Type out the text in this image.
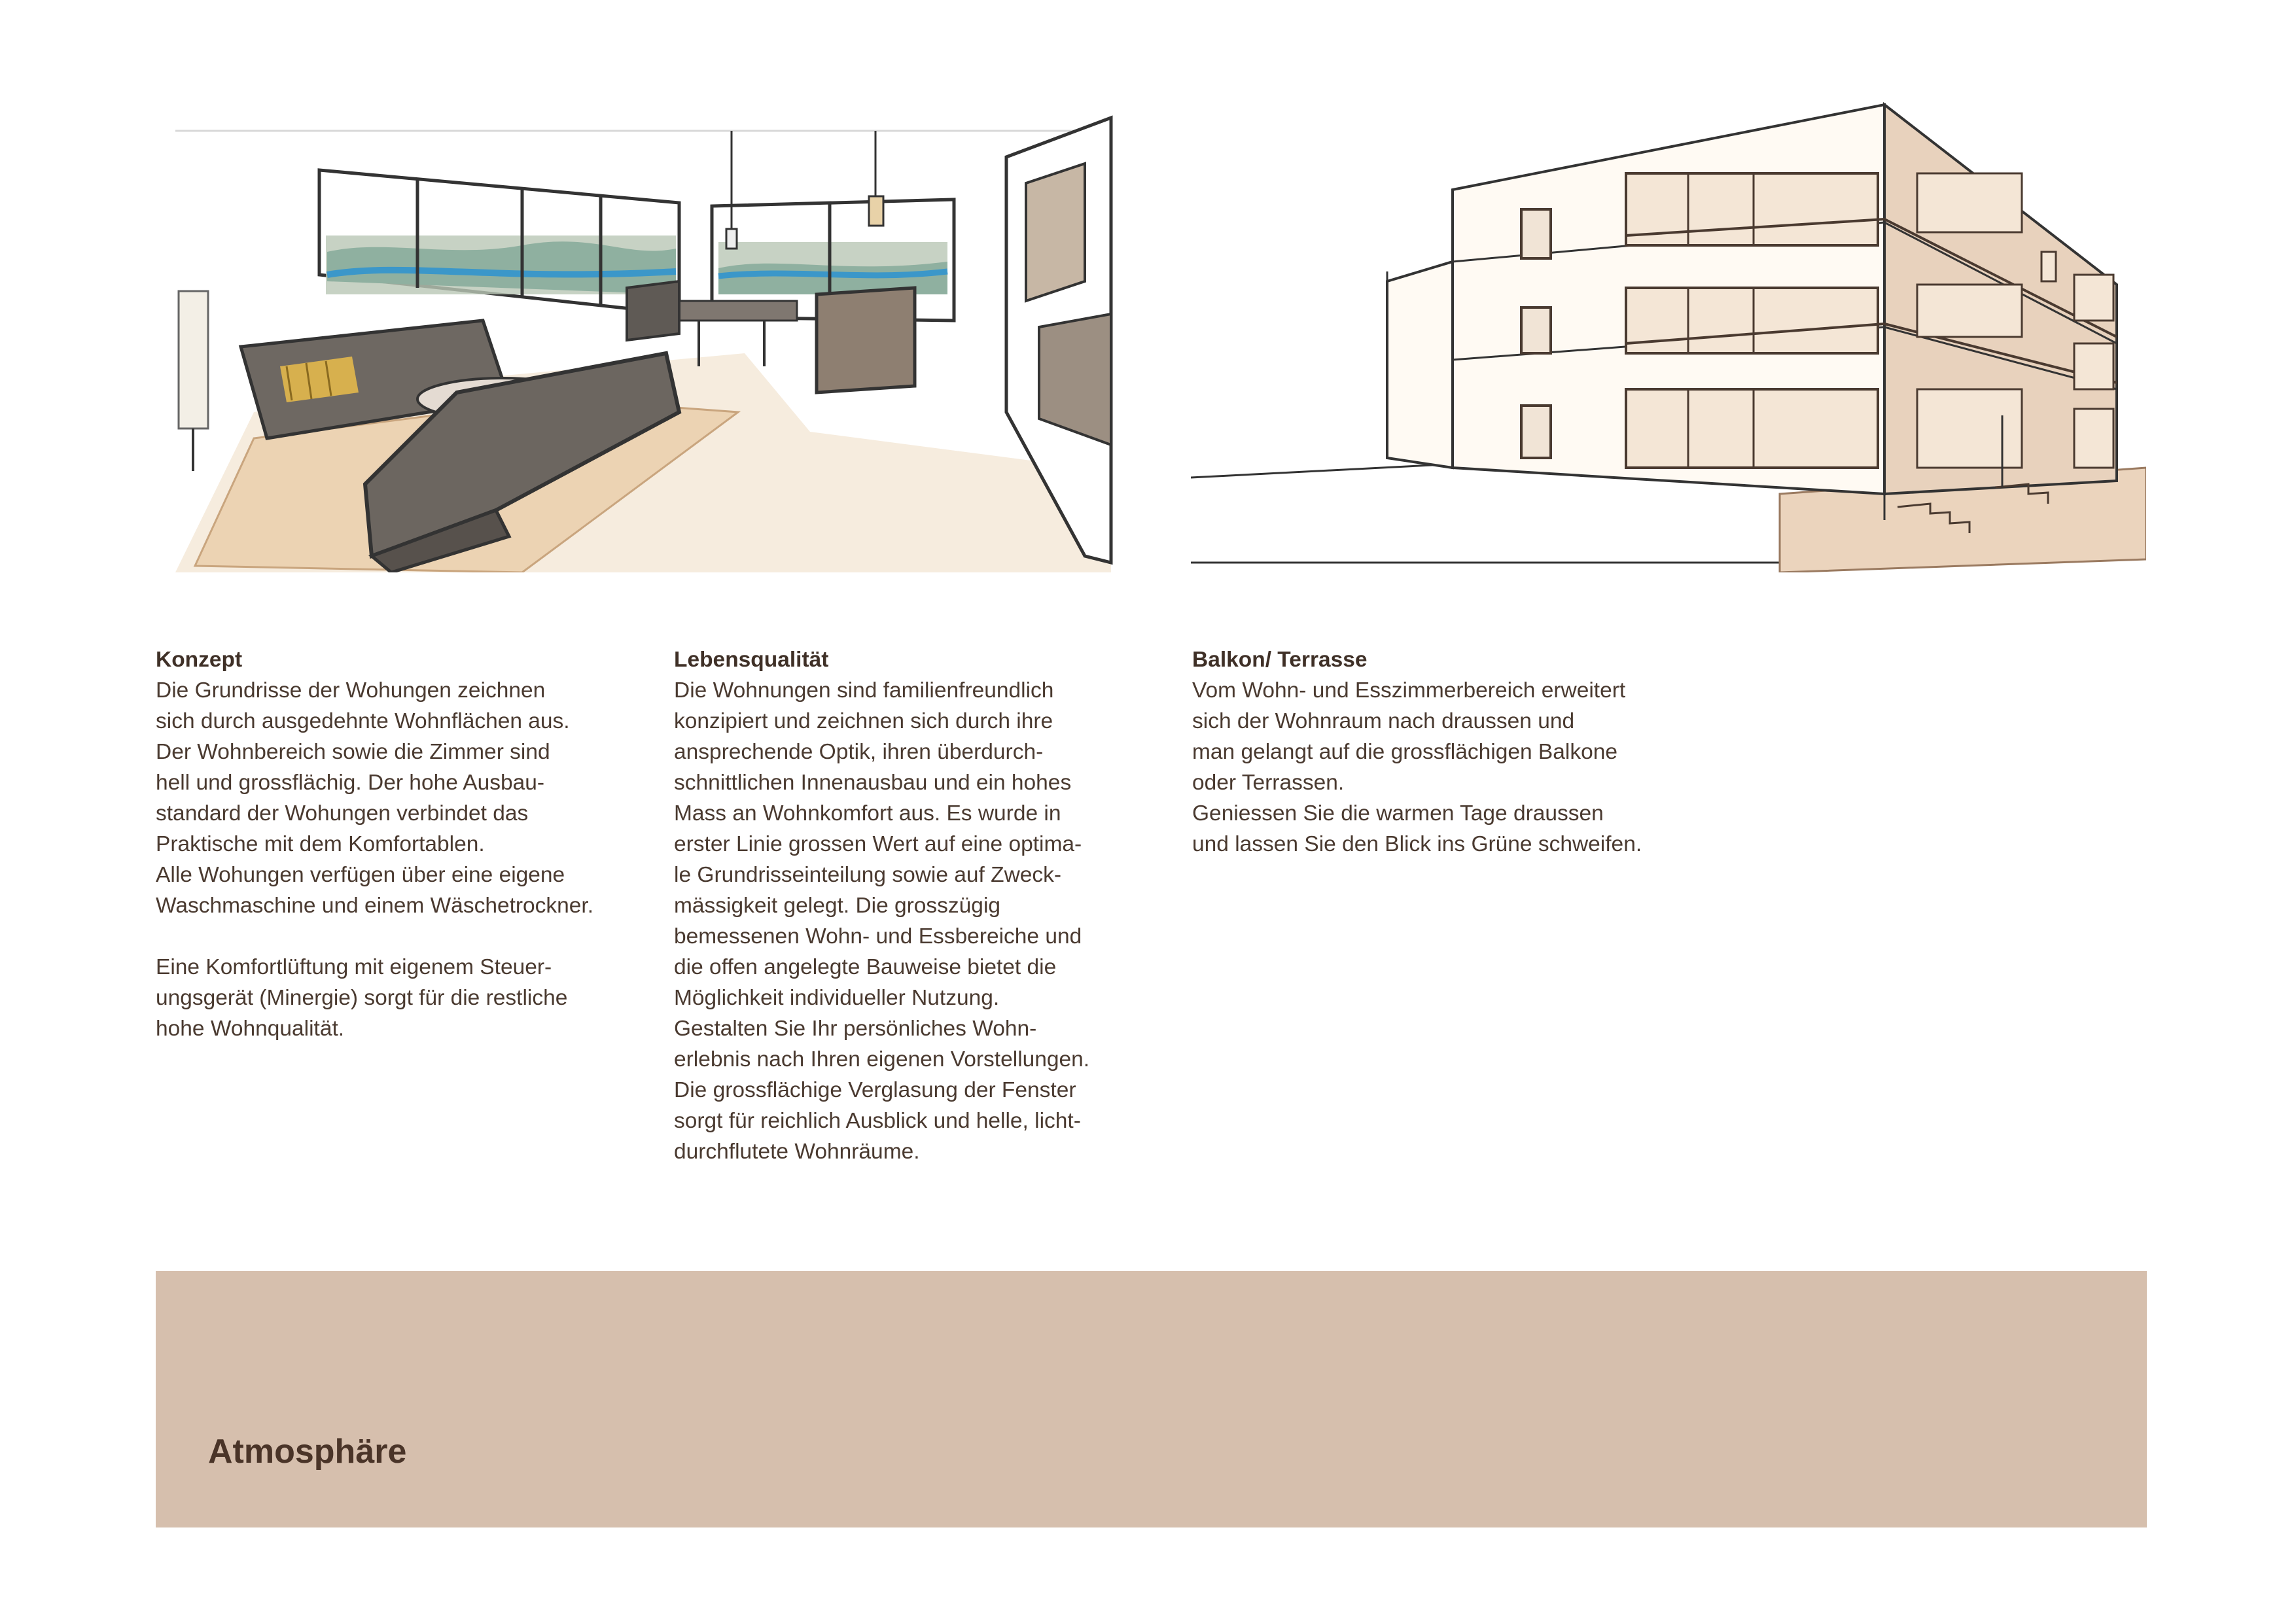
Konzept

Die Grundrisse der Wohungen zeichnen

sich durch ausgedehnte Wohnflächen aus.

Der Wohnbereich sowie die Zimmer sind

hell und grossflächig. Der hohe Ausbau-

standard der Wohungen verbindet das

Praktische mit dem Komfortablen.

Alle Wohungen verfügen über eine eigene

Waschmaschine und einem Wäschetrockner.

Eine Komfortlüftung mit eigenem Steuer-

ungsgerät (Minergie) sorgt für die restliche

hohe Wohnqualität.

Lebensqualität

Die Wohnungen sind familienfreundlich

konzipiert und zeichnen sich durch ihre

ansprechende Optik, ihren überdurch-

schnittlichen Innenausbau und ein hohes

Mass an Wohnkomfort aus. Es wurde in

erster Linie grossen Wert auf eine optima-

le Grundrisseinteilung sowie auf Zweck-

mässigkeit gelegt. Die grosszügig

bemessenen Wohn- und Essbereiche und

die offen angelegte Bauweise bietet die

Möglichkeit individueller Nutzung.

Gestalten Sie Ihr persönliches Wohn-

erlebnis nach Ihren eigenen Vorstellungen.

Die grossflächige Verglasung der Fenster

sorgt für reichlich Ausblick und helle, licht-

durchflutete Wohnräume.

Balkon/ Terrasse

Vom Wohn- und Esszimmerbereich erweitert

sich der Wohnraum nach draussen und

man gelangt auf die grossflächigen Balkone

oder Terrassen.

Geniessen Sie die warmen Tage draussen

und lassen Sie den Blick ins Grüne schweifen.

Atmosphäre
